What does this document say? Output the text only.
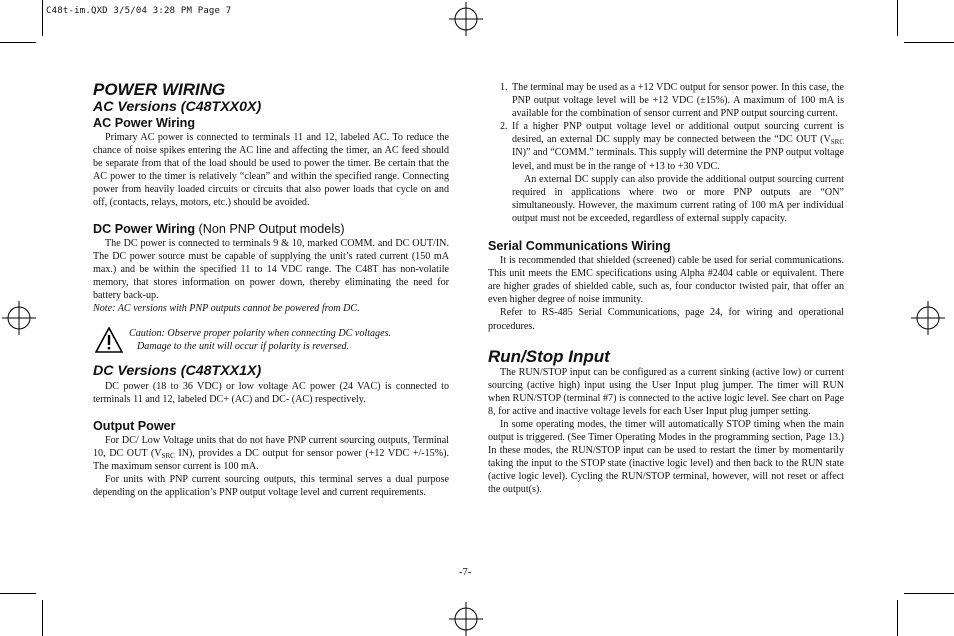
C48t-im.QXD 3/5/04 3:28 PM Page 7
POWER WIRING
AC Versions (C48TXX0X)
AC Power Wiring

Primary AC power is connected to terminals 11 and 12, labeled AC. To reduce the chance of noise spikes entering the AC line and affecting the timer, an AC feed should be separate from that of the load should be used to power the timer. Be certain that the AC power to the timer is relatively “clean” and within the specified range. Connecting power from heavily loaded circuits or circuits that also power loads that cycle on and off, (contacts, relays, motors, etc.) should be avoided.

DC Power Wiring (Non PNP Output models)

The DC power is connected to terminals 9 & 10, marked COMM. and DC OUT/IN. The DC power source must be capable of supplying the unit’s rated current (150 mA max.) and be within the specified 11 to 14 VDC range. The C48T has non-volatile memory, that stores information on power down, thereby eliminating the need for battery back-up.

Note: AC versions with PNP outputs cannot be powered from DC.

Caution: Observe proper polarity when connecting DC voltages.

Damage to the unit will occur if polarity is reversed.

DC Versions (C48TXX1X)

DC power (18 to 36 VDC) or low voltage AC power (24 VAC) is connected to terminals 11 and 12, labeled DC+ (AC) and DC- (AC) respectively.

Output Power

For DC/ Low Voltage units that do not have PNP current sourcing outputs, Terminal 10, DC OUT ($V_{SRC}$ IN), provides a DC output for sensor power (+12 VDC +/-15%). The maximum sensor current is 100 mA.

For units with PNP current sourcing outputs, this terminal serves a dual purpose depending on the application’s PNP output voltage level and current requirements.

1. The terminal may be used as a +12 VDC output for sensor power. In this case, the PNP output voltage level will be +12 VDC (±15%). A maximum of 100 mA is available for the combination of sensor current and PNP output sourcing current.

2. If a higher PNP output voltage level or additional output sourcing current is desired, an external DC supply may be connected between the “DC OUT ($V_{SRC}$ IN)” and “COMM.” terminals. This supply will determine the PNP output voltage level, and must be in the range of +13 to +30 VDC.

An external DC supply can also provide the additional output sourcing current required in applications where two or more PNP outputs are “ON” simultaneously. However, the maximum current rating of 100 mA per individual output must not be exceeded, regardless of external supply capacity.

Serial Communications Wiring

It is recommended that shielded (screened) cable be used for serial communications. This unit meets the EMC specifications using Alpha #2404 cable or equivalent. There are higher grades of shielded cable, such as, four conductor twisted pair, that offer an even higher degree of noise immunity.

Refer to RS-485 Serial Communications, page 24, for wiring and operational procedures.

Run/Stop Input

The RUN/STOP input can be configured as a current sinking (active low) or current sourcing (active high) input using the User Input plug jumper. The timer will RUN when RUN/STOP (terminal #7) is connected to the active logic level. See chart on Page 8, for active and inactive voltage levels for each User Input plug jumper setting.

In some operating modes, the timer will automatically STOP timing when the main output is triggered. (See Timer Operating Modes in the programming section, Page 13.) In these modes, the RUN/STOP input can be used to restart the timer by momentarily taking the input to the STOP state (inactive logic level) and then back to the RUN state (active logic level). Cycling the RUN/STOP terminal, however, will not reset or affect the output(s).

-7-
